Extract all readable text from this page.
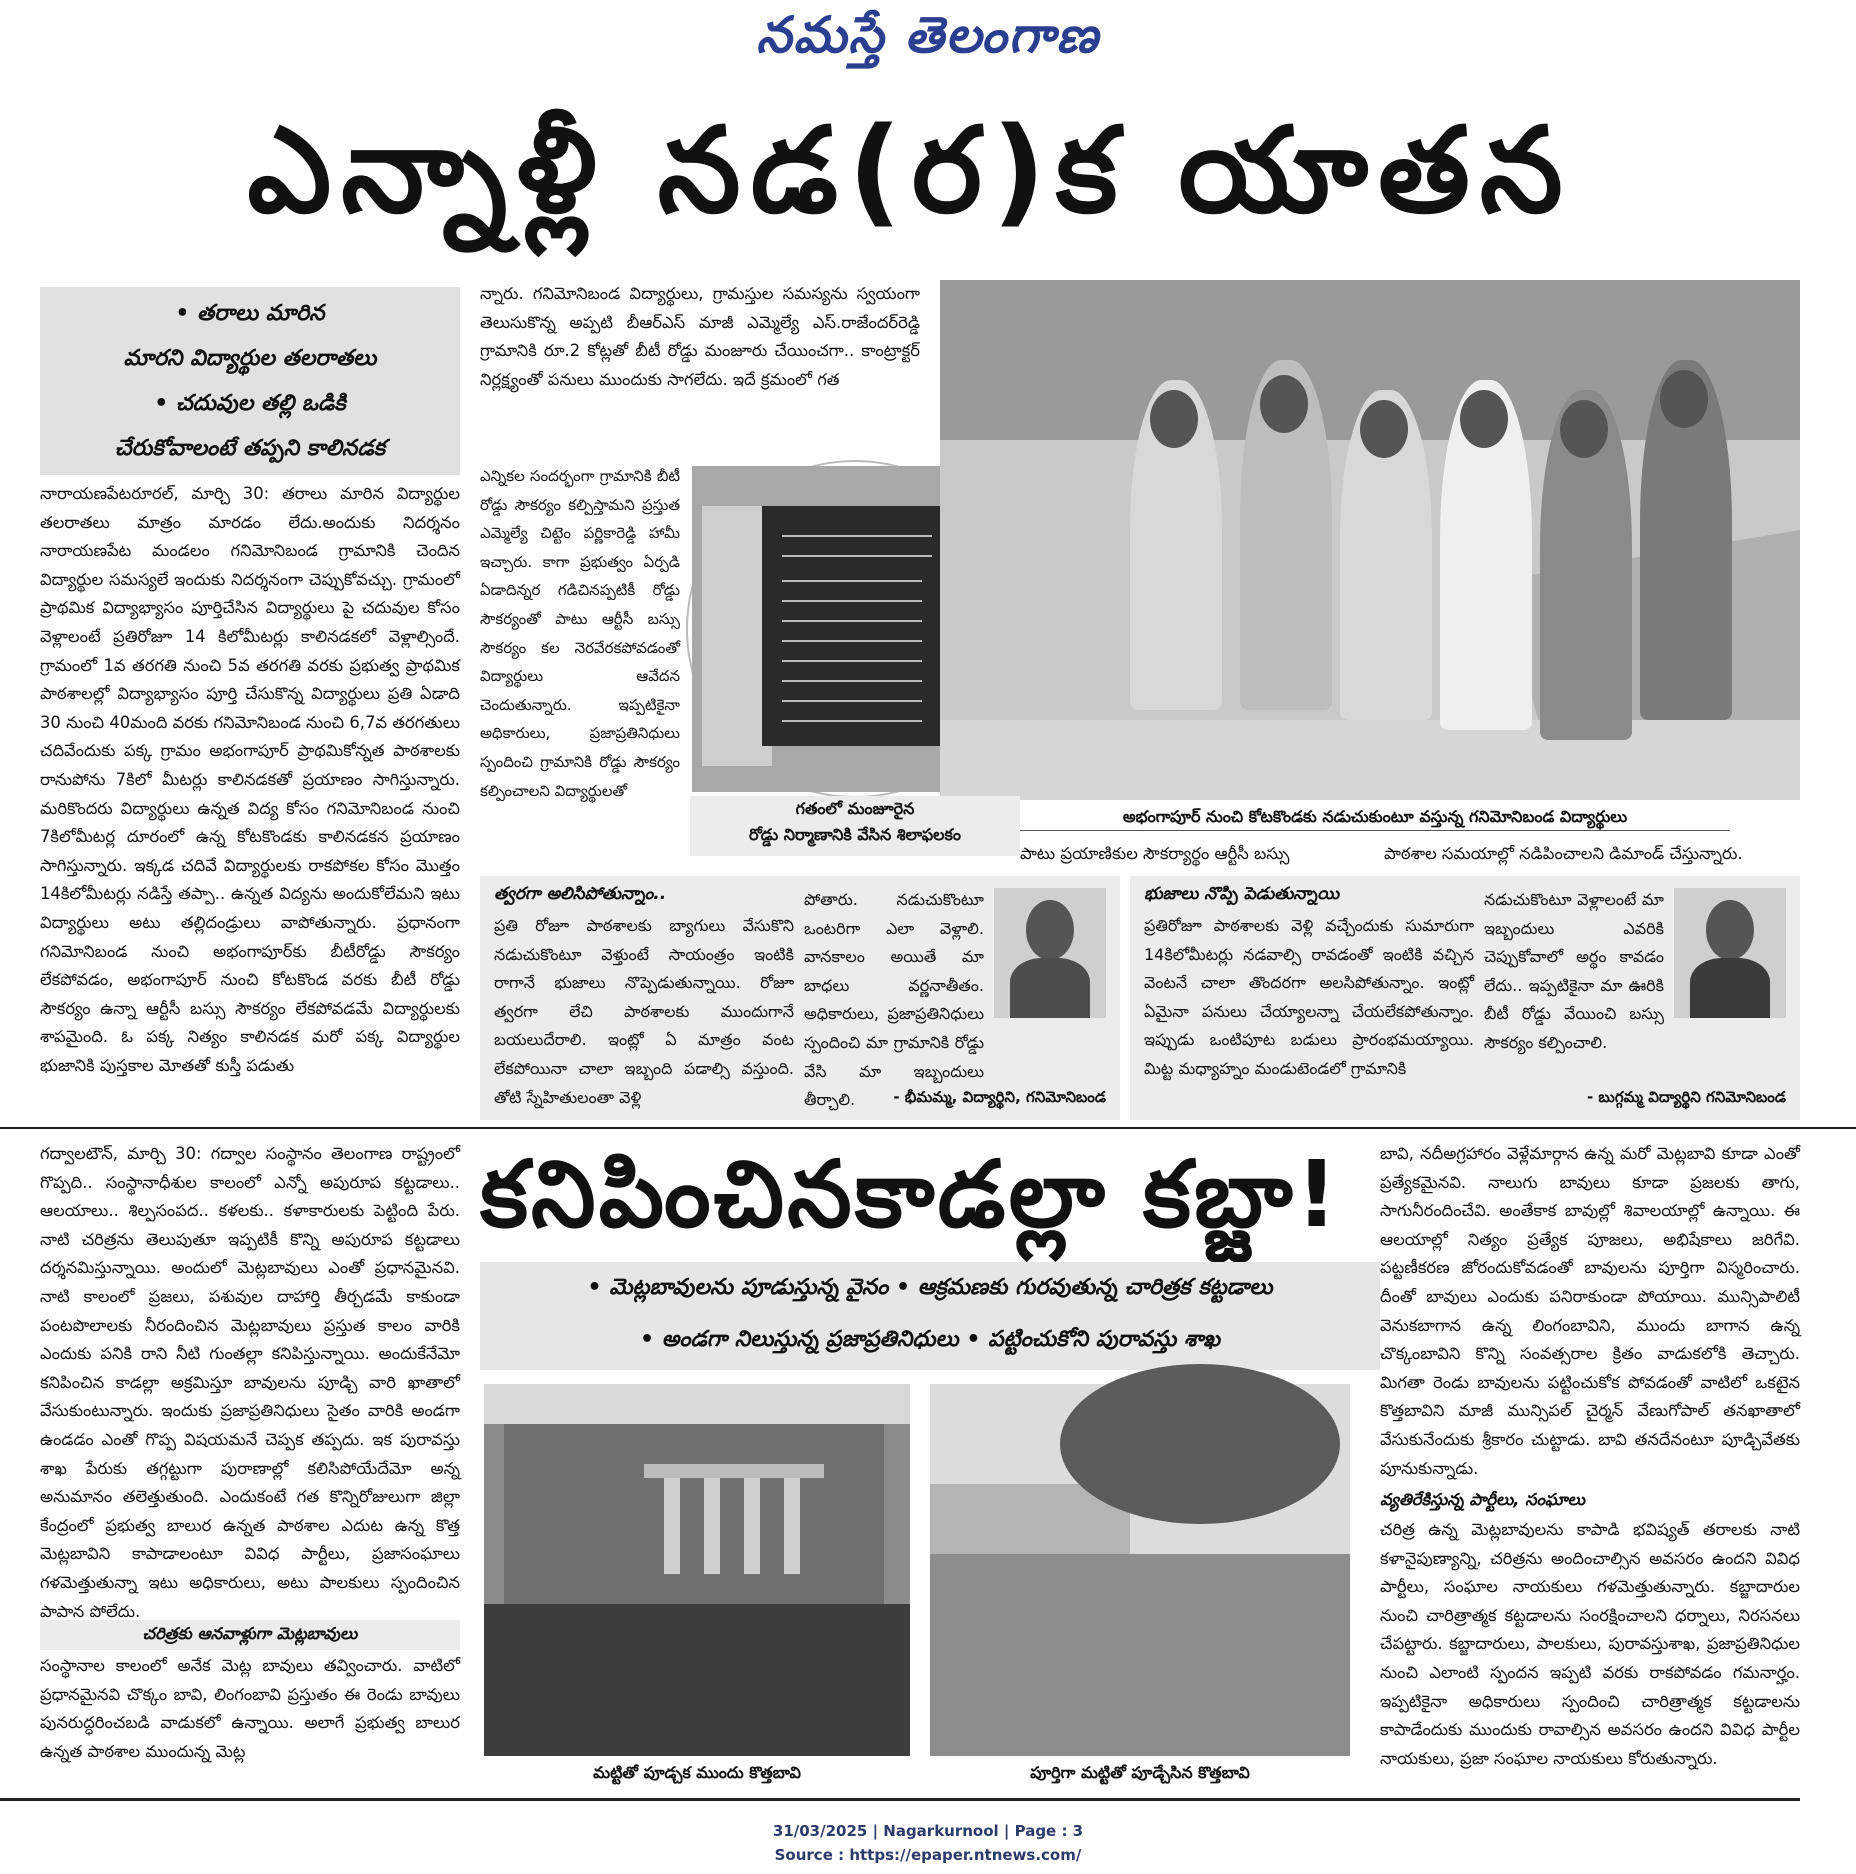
నమస్తే తెలంగాణ
ఎన్నాళ్లీ నడ(ర)క యాతన
• తరాలు మారిన
మారని విద్యార్థుల తలరాతలు
• చదువుల తల్లి ఒడికి
చేరుకోవాలంటే తప్పని కాలినడక

నారాయణపేటరూరల్, మార్చి 30: తరాలు మారిన విద్యార్థుల తలరాతలు మాత్రం మారడం లేదు.అందుకు నిదర్శనం నారాయణపేట మండలం గనిమోనిబండ గ్రామానికి చెందిన విద్యార్థుల సమస్యలే ఇందుకు నిదర్శనంగా చెప్పుకోవచ్చు. గ్రామంలో ప్రాథమిక విద్యాభ్యాసం పూర్తిచేసిన విద్యార్థులు పై చదువుల కోసం వెళ్లాలంటే ప్రతిరోజూ 14 కిలోమీటర్లు కాలినడకలో వెళ్లాల్సిందే. గ్రామంలో 1వ తరగతి నుంచి 5వ తరగతి వరకు ప్రభుత్వ ప్రాథమిక పాఠశాలల్లో విద్యాభ్యాసం పూర్తి చేసుకొన్న విద్యార్థులు ప్రతి ఏడాది 30 నుంచి 40మంది వరకు గనిమోనిబండ నుంచి 6,7వ తరగతులు చదివేందుకు పక్క గ్రామం అభంగాపూర్ ప్రాథమికోన్నత పాఠశాలకు రానుపోను 7కిలో మీటర్లు కాలినడకతో ప్రయాణం సాగిస్తున్నారు. మరికొందరు విద్యార్థులు ఉన్నత విద్య కోసం గనిమోనిబండ నుంచి 7కిలోమీటర్ల దూరంలో ఉన్న కోటకొండకు కాలినడకన ప్రయాణం సాగిస్తున్నారు. ఇక్కడ చదివే విద్యార్థులకు రాకపోకల కోసం మొత్తం 14కిలోమీటర్లు నడిస్తే తప్పా.. ఉన్నత విద్యను అందుకోలేమని ఇటు విద్యార్థులు అటు తల్లిదండ్రులు వాపోతున్నారు. ప్రధానంగా గనిమోనిబండ నుంచి అభంగాపూర్‌కు బీటీరోడ్డు సౌకర్యం లేకపోవడం, అభంగాపూర్ నుంచి కోటకొండ వరకు బీటీ రోడ్డు సౌకర్యం ఉన్నా ఆర్టీసీ బస్సు సౌకర్యం లేకపోవడమే విద్యార్థులకు శాపమైంది. ఓ పక్క నిత్యం కాలినడక మరో పక్క విద్యార్థుల భుజానికి పుస్తకాల మోతతో కుస్తీ పడుతు

న్నారు. గనిమోనిబండ విద్యార్థులు, గ్రామస్తుల సమస్యను స్వయంగా తెలుసుకొన్న అప్పటి బీఆర్‌ఎస్ మాజీ ఎమ్మెల్యే ఎస్.రాజేందర్‌రెడ్డి గ్రామానికి రూ.2 కోట్లతో బీటీ రోడ్డు మంజూరు చేయించగా.. కాంట్రాక్టర్ నిర్లక్ష్యంతో పనులు ముందుకు సాగలేదు. ఇదే క్రమంలో గత

ఎన్నికల సందర్భంగా గ్రామానికి బీటీ రోడ్డు సౌకర్యం కల్పిస్తామని ప్రస్తుత ఎమ్మెల్యే చిట్టెం పర్ణికారెడ్డి హామీ ఇచ్చారు. కాగా ప్రభుత్వం ఏర్పడి ఏడాదిన్నర గడిచినప్పటికీ రోడ్డు సౌకర్యంతో పాటు ఆర్టీసీ బస్సు సౌకర్యం కల నెరవేరకపోవడంతో విద్యార్థులు ఆవేదన చెందుతున్నారు. ఇప్పటికైనా అధికారులు, ప్రజాప్రతినిధులు స్పందించి గ్రామానికి రోడ్డు సౌకర్యం కల్పించాలని విద్యార్థులతో
గతంలో మంజూరైన
రోడ్డు నిర్మాణానికి వేసిన శిలాఫలకం
అభంగాపూర్ నుంచి కోటకొండకు నడుచుకుంటూ వస్తున్న గనిమోనిబండ విద్యార్థులు
పాటు ప్రయాణికుల సౌకర్యార్థం ఆర్టీసీ బస్సు	పాఠశాల సమయాల్లో నడిపించాలని డిమాండ్ చేస్తున్నారు.
త్వరగా అలిసిపోతున్నాం..
ప్రతి రోజూ పాఠశాలకు బ్యాగులు వేసుకొని నడుచుకొంటూ వెళ్తుంటే సాయంత్రం ఇంటికి రాగానే భుజాలు నొప్పెడుతున్నాయి. రోజూ త్వరగా లేచి పాఠశాలకు ముందుగానే బయలుదేరాలి. ఇంట్లో ఏ మాత్రం వంట లేకపోయినా చాలా ఇబ్బంది పడాల్సి వస్తుంది. తోటి స్నేహితులంతా వెళ్లి
పోతారు. నడుచుకొంటూ ఒంటరిగా ఎలా వెళ్లాలి. వానకాలం అయితే మా బాధలు వర్ణనాతీతం. అధికారులు, ప్రజాప్రతినిధులు స్పందించి మా గ్రామానికి రోడ్డు వేసి మా ఇబ్బందులు తీర్చాలి.	- భీమమ్మ, విద్యార్థిని, గనిమోనిబండ
భుజాలు నొప్పి పెడుతున్నాయి
ప్రతిరోజూ పాఠశాలకు వెళ్లి వచ్చేందుకు సుమారుగా 14కిలోమీటర్లు నడవాల్సి రావడంతో ఇంటికి వచ్చిన వెంటనే చాలా తొందరగా అలసిపోతున్నాం. ఇంట్లో ఏమైనా పనులు చేయ్యాలన్నా చేయలేకపోతున్నాం. ఇప్పుడు ఒంటిపూట బడులు ప్రారంభమయ్యాయి. మిట్ట మధ్యాహ్నం మండుటెండలో గ్రామానికి
నడుచుకొంటూ వెళ్లాలంటే మా ఇబ్బందులు ఎవరికి చెప్పుకోవాలో అర్థం కావడం లేదు.. ఇప్పటికైనా మా ఊరికి బీటీ రోడ్డు వేయించి బస్సు సౌకర్యం కల్పించాలి.
- బుగ్గమ్మ విద్యార్థిని గనిమోనిబండ
కనిపించినకాడల్లా కబ్జా!
• మెట్లబావులను పూడుస్తున్న వైనం • ఆక్రమణకు గురవుతున్న చారిత్రక కట్టడాలు
• అండగా నిలుస్తున్న ప్రజాప్రతినిధులు • పట్టించుకోని పురావస్తు శాఖ

గద్వాలటౌన్, మార్చి 30: గద్వాల సంస్థానం తెలంగాణ రాష్ట్రంలో గొప్పది.. సంస్థానాధీశుల కాలంలో ఎన్నో అపురూప కట్టడాలు.. ఆలయాలు.. శిల్పసంపద.. కళలకు.. కళాకారులకు పెట్టింది పేరు. నాటి చరిత్రను తెలుపుతూ ఇప్పటికీ కొన్ని అపురూప కట్టడాలు దర్శనమిస్తున్నాయి. అందులో మెట్లబావులు ఎంతో ప్రధానమైనవి. నాటి కాలంలో ప్రజలు, పశువుల దాహార్తి తీర్చడమే కాకుండా పంటపొలాలకు నీరందించిన మెట్లబావులు ప్రస్తుత కాలం వారికి ఎందుకు పనికి రాని నీటి గుంతల్లా కనిపిస్తున్నాయి. అందుకేనేమో కనిపించిన కాడల్లా అక్రమిస్తూ బావులను పూడ్చి వారి ఖాతాలో వేసుకుంటున్నారు. ఇందుకు ప్రజాప్రతినిధులు సైతం వారికి అండగా ఉండడం ఎంతో గొప్ప విషయమనే చెప్పక తప్పదు. ఇక పురావస్తు శాఖ పేరుకు తగ్గట్టుగా పురాణాల్లో కలిసిపోయేదేమో అన్న అనుమానం తలెత్తుతుంది. ఎందుకంటే గత కొన్నిరోజులుగా జిల్లా కేంద్రంలో ప్రభుత్వ బాలుర ఉన్నత పాఠశాల ఎదుట ఉన్న కొత్త మెట్లబావిని కాపాడాలంటూ వివిధ పార్టీలు, ప్రజాసంఘాలు గళమెత్తుతున్నా ఇటు అధికారులు, అటు పాలకులు స్పందించిన పాపాన పోలేదు.

చరిత్రకు ఆనవాళ్లుగా మెట్లబావులు

సంస్థానాల కాలంలో అనేక మెట్ల బావులు తవ్వించారు. వాటిలో ప్రధానమైనవి చొక్కం బావి, లింగంబావి ప్రస్తుతం ఈ రెండు బావులు పునరుద్ధరించబడి వాడుకలో ఉన్నాయి. అలాగే ప్రభుత్వ బాలుర ఉన్నత పాఠశాల ముందున్న మెట్ల

మట్టితో పూడ్చక ముందు కొత్తబావి	పూర్తిగా మట్టితో పూడ్చేసిన కొత్తబావి

బావి, నదీఅగ్రహారం వెళ్లేమార్గాన ఉన్న మరో మెట్లబావి కూడా ఎంతో ప్రత్యేకమైనవి. నాలుగు బావులు కూడా ప్రజలకు తాగు, సాగునీరందించేవి. అంతేకాక బావుల్లో శివాలయాల్లో ఉన్నాయి. ఈ ఆలయాల్లో నిత్యం ప్రత్యేక పూజలు, అభిషేకాలు జరిగేవి. పట్టణీకరణ జోరందుకోవడంతో బావుల‌ను పూర్తిగా విస్మరించారు. దీంతో బావులు ఎందుకు పనిరాకుండా పోయాయి. మున్సిపాలిటీ వెనుకబాగాన ఉన్న లింగంబావిని, ముందు బాగాన ఉన్న చొక్కంబావిని కొన్ని సంవత్సరాల క్రితం వాడుకలోకి తెచ్చారు. మిగతా రెండు బావులను పట్టించుకోక పోవడంతో వాటిలో ఒకటైన కొత్తబావిని మాజీ మున్సిపల్ చైర్మన్ వేణుగోపాల్ తనఖాతాలో వేసుకునేందుకు శ్రీకారం చుట్టాడు. బావి తనదేనంటూ పూడ్చివేతకు పూనుకున్నాడు.

వ్యతిరేకిస్తున్న పార్టీలు, సంఘాలు

చరిత్ర ఉన్న మెట్లబావులను కాపాడి భవిష్యత్ తరాలకు నాటి కళానైపుణ్యాన్ని, చరిత్రను అందించాల్సిన అవసరం ఉందని వివిధ పార్టీలు, సంఘాల నాయకులు గళమెత్తుతున్నారు. కబ్జాదారుల నుంచి చారిత్రాత్మక కట్టడాలను సంరక్షించాలని ధర్నాలు, నిరసనలు చేపట్టారు. కబ్జాదారులు, పాలకులు, పురావస్తుశాఖ, ప్రజాప్రతినిధుల నుంచి ఎలాంటి స్పందన ఇప్పటి వరకు రాకపోవడం గమనార్హం. ఇప్పటికైనా అధికారులు స్పందించి చారిత్రాత్మక కట్టడాలను కాపాడేందుకు ముందుకు రావాల్సిన అవసరం ఉందని వివిధ పార్టీల నాయకులు, ప్రజా సంఘాల నాయకులు కోరుతున్నారు.

31/03/2025 | Nagarkurnool | Page : 3
Source : https://epaper.ntnews.com/
